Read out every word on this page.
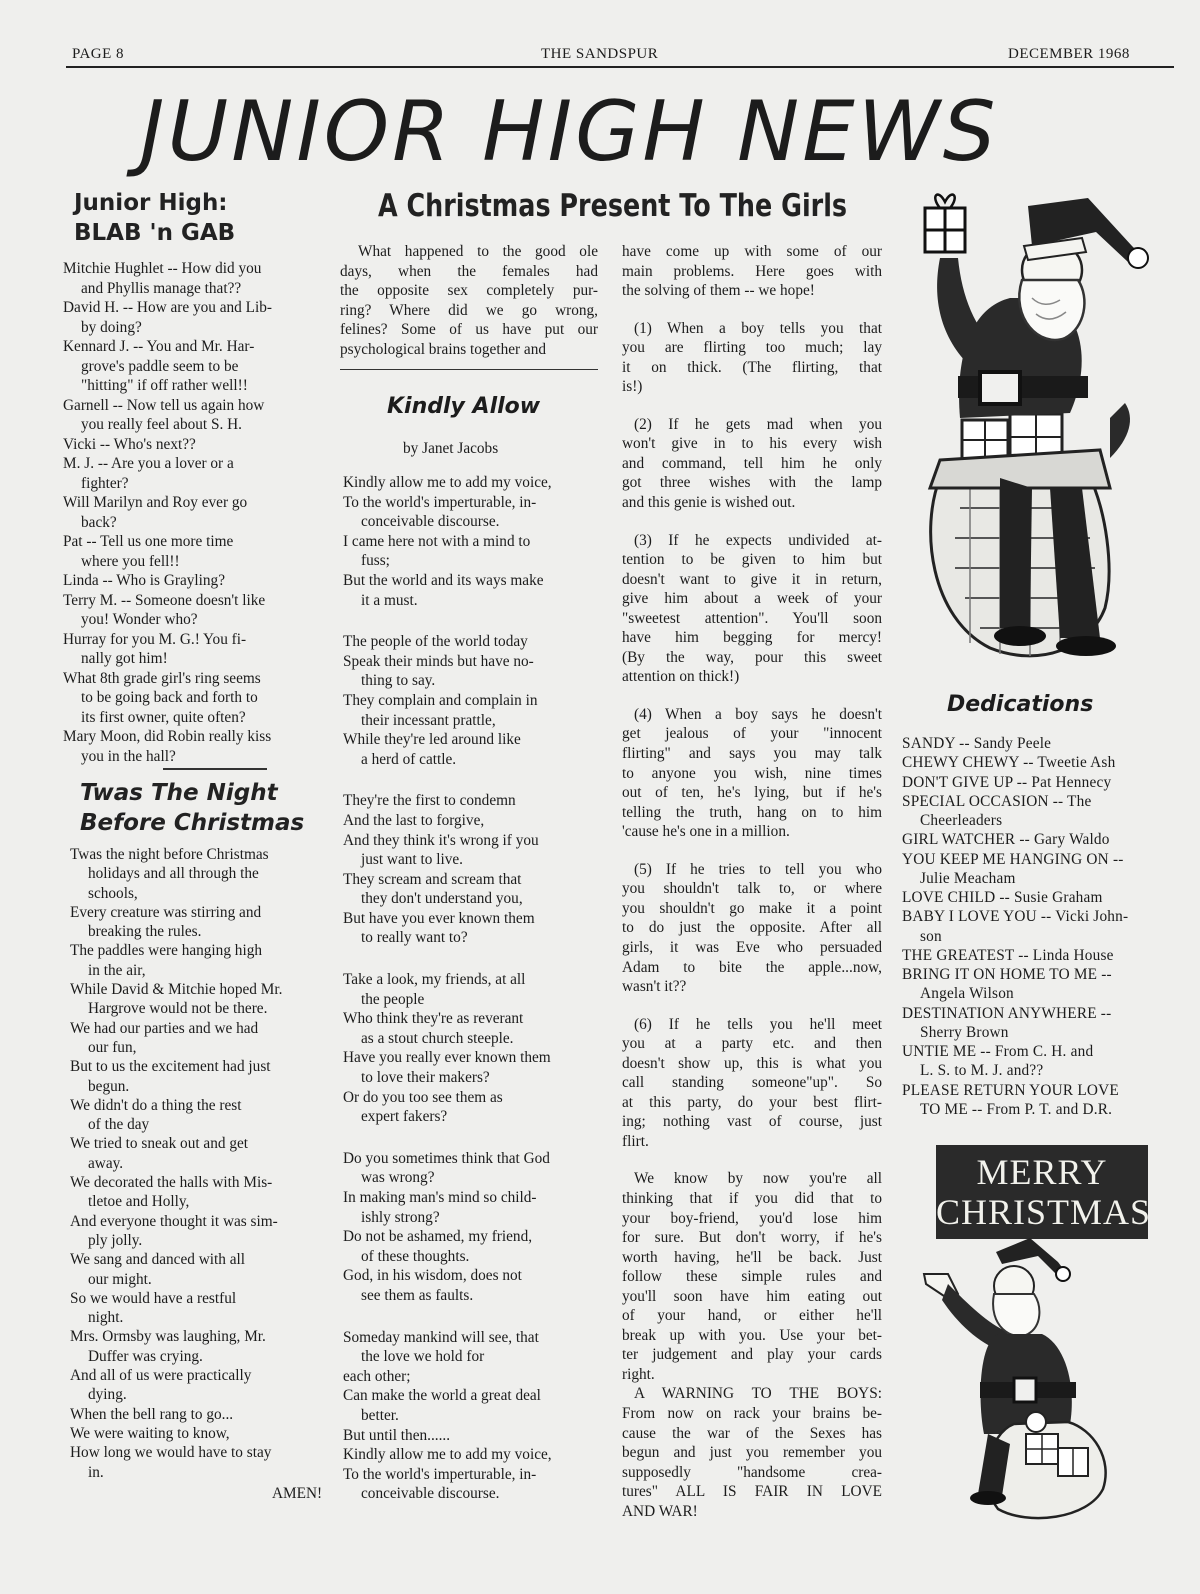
PAGE 8	THE SANDSPUR	DECEMBER 1968
JUNIOR HIGH NEWS
Junior High:
BLAB 'n GAB
Mitchie Hughlet -- How did you
and Phyllis manage that??
David H. -- How are you and Lib-
by doing?
Kennard J. -- You and Mr. Har-
grove's paddle seem to be
"hitting" if off rather well!!
Garnell -- Now tell us again how
you really feel about S. H.
Vicki -- Who's next??
M. J. -- Are you a lover or a
fighter?
Will Marilyn and Roy ever go
back?
Pat -- Tell us one more time
where you fell!!
Linda -- Who is Grayling?
Terry M. -- Someone doesn't like
you! Wonder who?
Hurray for you M. G.! You fi-
nally got him!
What 8th grade girl's ring seems
to be going back and forth to
its first owner, quite often?
Mary Moon, did Robin really kiss
you in the hall?
Twas The Night
Before Christmas
Twas the night before Christmas
holidays and all through the
schools,
Every creature was stirring and
breaking the rules.
The paddles were hanging high
in the air,
While David & Mitchie hoped Mr.
Hargrove would not be there.
We had our parties and we had
our fun,
But to us the excitement had just
begun.
We didn't do a thing the rest
of the day
We tried to sneak out and get
away.
We decorated the halls with Mis-
tletoe and Holly,
And everyone thought it was sim-
ply jolly.
We sang and danced with all
our might.
So we would have a restful
night.
Mrs. Ormsby was laughing, Mr.
Duffer was crying.
And all of us were practically
dying.
When the bell rang to go...
We were waiting to know,
How long we would have to stay
in.
AMEN!
A Christmas Present To The Girls
What happened to the good ole
days, when the females had
the opposite sex completely pur-
ring? Where did we go wrong,
felines? Some of us have put our
psychological brains together and
Kindly Allow
by Janet Jacobs
Kindly allow me to add my voice,
To the world's imperturable, in-
conceivable discourse.
I came here not with a mind to
fuss;
But the world and its ways make
it a must.
The people of the world today
Speak their minds but have no-
thing to say.
They complain and complain in
their incessant prattle,
While they're led around like
a herd of cattle.
They're the first to condemn
And the last to forgive,
And they think it's wrong if you
just want to live.
They scream and scream that
they don't understand you,
But have you ever known them
to really want to?
Take a look, my friends, at all
the people
Who think they're as reverant
as a stout church steeple.
Have you really ever known them
to love their makers?
Or do you too see them as
expert fakers?
Do you sometimes think that God
was wrong?
In making man's mind so child-
ishly strong?
Do not be ashamed, my friend,
of these thoughts.
God, in his wisdom, does not
see them as faults.
Someday mankind will see, that
the love we hold for
each other;
Can make the world a great deal
better.
But until then......
Kindly allow me to add my voice,
To the world's imperturable, in-
conceivable discourse.
have come up with some of our
main problems. Here goes with
the solving of them -- we hope!
(1) When a boy tells you that
you are flirting too much; lay
it on thick. (The flirting, that
is!)
(2) If he gets mad when you
won't give in to his every wish
and command, tell him he only
got three wishes with the lamp
and this genie is wished out.
(3) If he expects undivided at-
tention to be given to him but
doesn't want to give it in return,
give him about a week of your
"sweetest attention". You'll soon
have him begging for mercy!
(By the way, pour this sweet
attention on thick!)
(4) When a boy says he doesn't
get jealous of your "innocent
flirting" and says you may talk
to anyone you wish, nine times
out of ten, he's lying, but if he's
telling the truth, hang on to him
'cause he's one in a million.
(5) If he tries to tell you who
you shouldn't talk to, or where
you shouldn't go make it a point
to do just the opposite. After all
girls, it was Eve who persuaded
Adam to bite the apple...now,
wasn't it??
(6) If he tells you he'll meet
you at a party etc. and then
doesn't show up, this is what you
call standing someone"up". So
at this party, do your best flirt-
ing; nothing vast of course, just
flirt.
We know by now you're all
thinking that if you did that to
your boy-friend, you'd lose him
for sure. But don't worry, if he's
worth having, he'll be back. Just
follow these simple rules and
you'll soon have him eating out
of your hand, or either he'll
break up with you. Use your bet-
ter judgement and play your cards
right.
A WARNING TO THE BOYS:
From now on rack your brains be-
cause the war of the Sexes has
begun and just you remember you
supposedly "handsome crea-
tures" ALL IS FAIR IN LOVE
AND WAR!
Dedications
SANDY -- Sandy Peele
CHEWY CHEWY -- Tweetie Ash
DON'T GIVE UP -- Pat Hennecy
SPECIAL OCCASION -- The
Cheerleaders
GIRL WATCHER -- Gary Waldo
YOU KEEP ME HANGING ON --
Julie Meacham
LOVE CHILD -- Susie Graham
BABY I LOVE YOU -- Vicki John-
son
THE GREATEST -- Linda House
BRING IT ON HOME TO ME --
Angela Wilson
DESTINATION ANYWHERE --
Sherry Brown
UNTIE ME -- From C. H. and
L. S. to M. J. and??
PLEASE RETURN YOUR LOVE
TO ME -- From P. T. and D.R.
MERRY
CHRISTMAS
